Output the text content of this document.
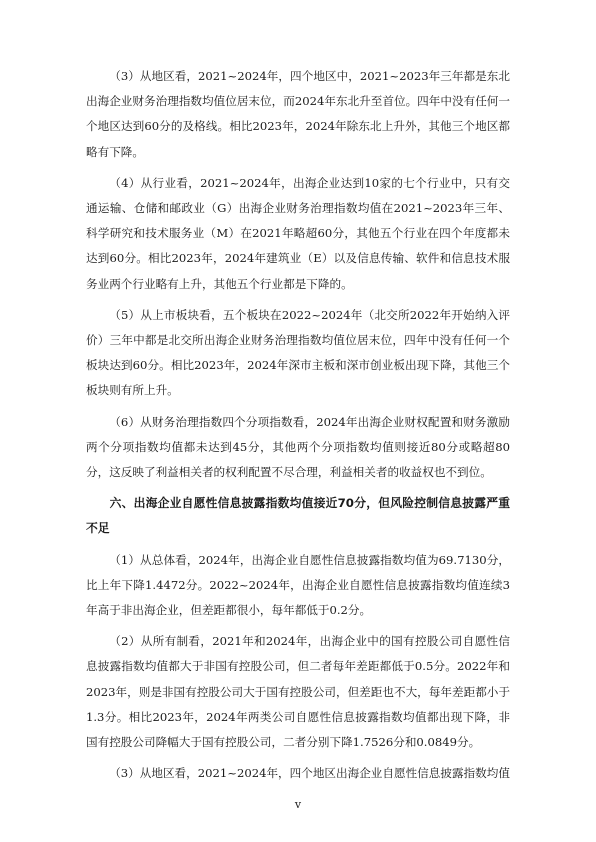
（3）从地区看，2021~2024年，四个地区中，2021~2023年三年都是东北出海企业财务治理指数均值位居末位，而2024年东北升至首位。四年中没有任何一个地区达到60分的及格线。相比2023年，2024年除东北上升外，其他三个地区都略有下降。

（4）从行业看，2021~2024年，出海企业达到10家的七个行业中，只有交通运输、仓储和邮政业（G）出海企业财务治理指数均值在2021~2023年三年、科学研究和技术服务业（M）在2021年略超60分，其他五个行业在四个年度都未达到60分。相比2023年，2024年建筑业（E）以及信息传输、软件和信息技术服务业两个行业略有上升，其他五个行业都是下降的。

（5）从上市板块看，五个板块在2022~2024年（北交所2022年开始纳入评价）三年中都是北交所出海企业财务治理指数均值位居末位，四年中没有任何一个板块达到60分。相比2023年，2024年深市主板和深市创业板出现下降，其他三个板块则有所上升。

（6）从财务治理指数四个分项指数看，2024年出海企业财权配置和财务激励两个分项指数均值都未达到45分，其他两个分项指数均值则接近80分或略超80分，这反映了利益相关者的权利配置不尽合理，利益相关者的收益权也不到位。

六、出海企业自愿性信息披露指数均值接近70分，但风险控制信息披露严重不足

（1）从总体看，2024年，出海企业自愿性信息披露指数均值为69.7130分，比上年下降1.4472分。2022~2024年，出海企业自愿性信息披露指数均值连续3年高于非出海企业，但差距都很小，每年都低于0.2分。

（2）从所有制看，2021年和2024年，出海企业中的国有控股公司自愿性信息披露指数均值都大于非国有控股公司，但二者每年差距都低于0.5分。2022年和2023年，则是非国有控股公司大于国有控股公司，但差距也不大，每年差距都小于1.3分。相比2023年，2024年两类公司自愿性信息披露指数均值都出现下降，非国有控股公司降幅大于国有控股公司，二者分别下降1.7526分和0.0849分。

（3）从地区看，2021~2024年，四个地区出海企业自愿性信息披露指数均值

v
